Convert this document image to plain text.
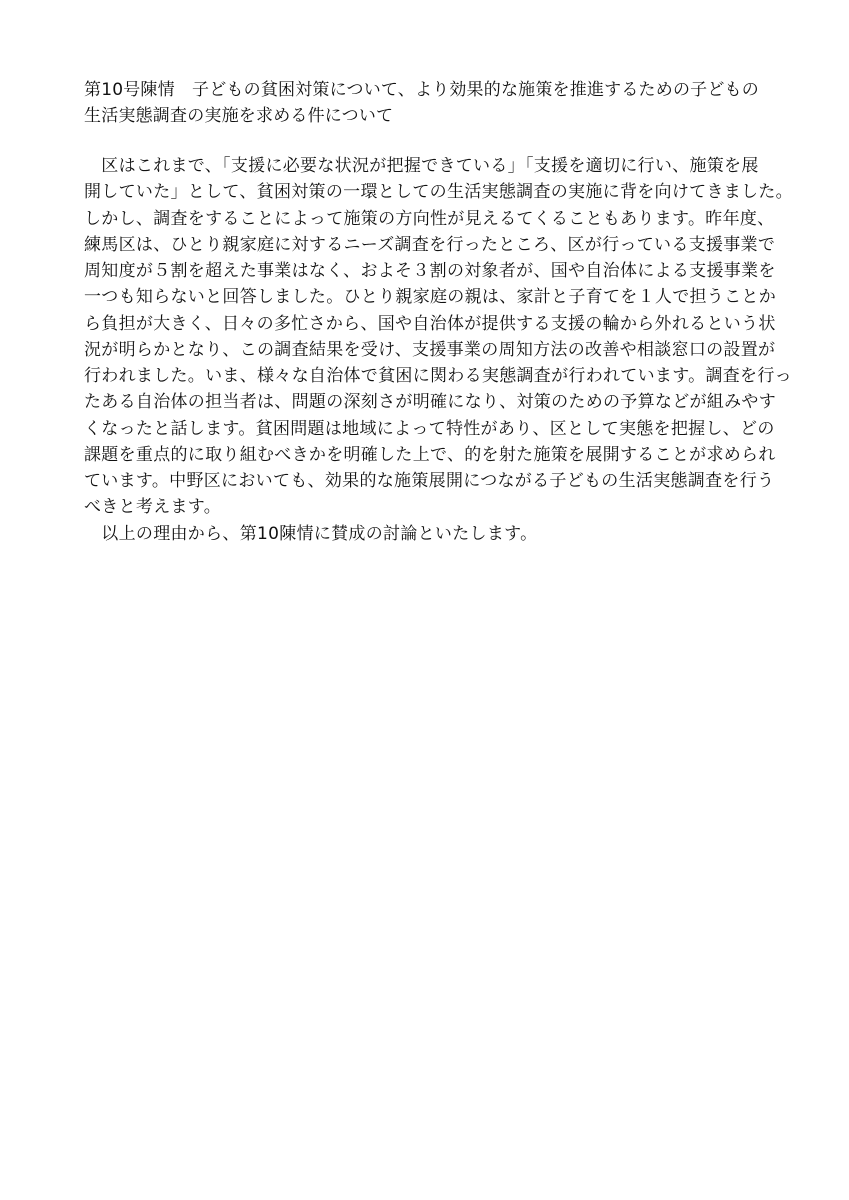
第10号陳情　子どもの貧困対策について、より効果的な施策を推進するための子どもの
生活実態調査の実施を求める件について
　区はこれまで、「支援に必要な状況が把握できている」「支援を適切に行い、施策を展
開していた」として、貧困対策の一環としての生活実態調査の実施に背を向けてきました。
しかし、調査をすることによって施策の方向性が見えるてくることもあります。昨年度、
練馬区は、ひとり親家庭に対するニーズ調査を行ったところ、区が行っている支援事業で
周知度が５割を超えた事業はなく、およそ３割の対象者が、国や自治体による支援事業を
一つも知らないと回答しました。ひとり親家庭の親は、家計と子育てを１人で担うことか
ら負担が大きく、日々の多忙さから、国や自治体が提供する支援の輪から外れるという状
況が明らかとなり、この調査結果を受け、支援事業の周知方法の改善や相談窓口の設置が
行われました。いま、様々な自治体で貧困に関わる実態調査が行われています。調査を行っ
たある自治体の担当者は、問題の深刻さが明確になり、対策のための予算などが組みやす
くなったと話します。貧困問題は地域によって特性があり、区として実態を把握し、どの
課題を重点的に取り組むべきかを明確した上で、的を射た施策を展開することが求められ
ています。中野区においても、効果的な施策展開につながる子どもの生活実態調査を行う
べきと考えます。
　以上の理由から、第10陳情に賛成の討論といたします。
